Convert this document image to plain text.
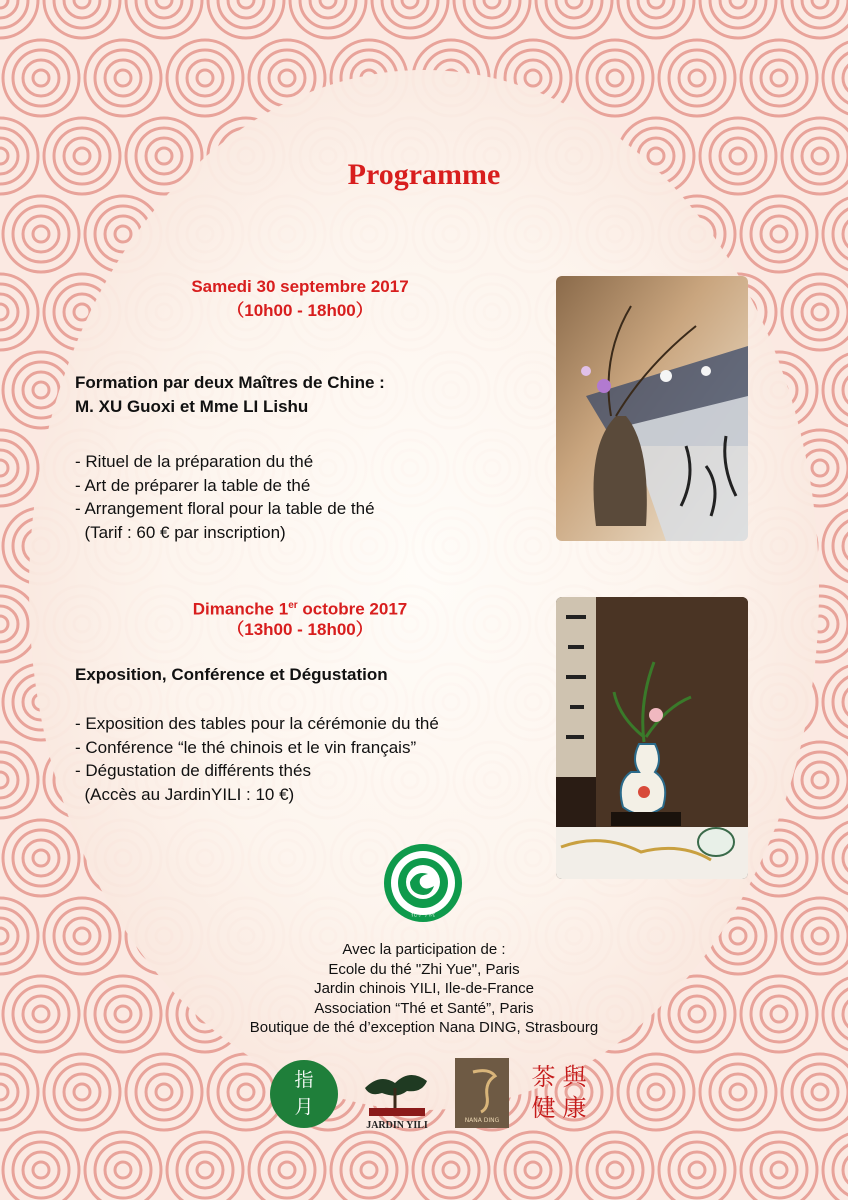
Programme
Samedi 30 septembre 2017
（10h00 - 18h00）
Formation par deux Maîtres de Chine :
M. XU Guoxi et Mme LI Lishu
- Rituel de la préparation du thé
- Art de préparer la table de thé
- Arrangement floral pour la table de thé
(Tarif : 60 € par inscription)
Dimanche 1er octobre 2017
（13h00 - 18h00）
Exposition, Conférence et Dégustation
- Exposition des tables pour la cérémonie du thé
- Conférence “le thé chinois et le vin français”
- Dégustation de différents thés
(Accès au JardinYILI : 10 €)
孔子学院
Avec la participation de :
Ecole du thé "Zhi Yue", Paris
Jardin chinois YILI, Ile-de-France
Association “Thé et Santé”, Paris
Boutique de thé d’exception Nana DING, Strasbourg
指
月
JARDIN YILI	NANA DING
茶 與
健 康
